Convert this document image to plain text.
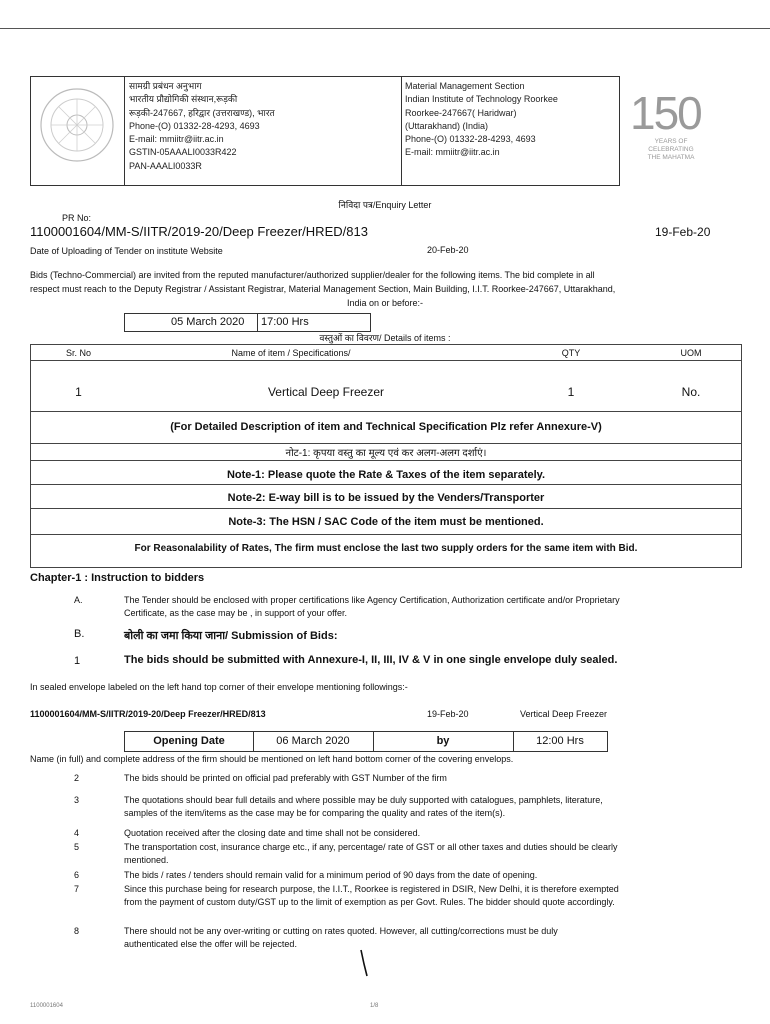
सामग्री प्रबंधन अनुभाग
भारतीय प्रौद्योगिकी संस्थान,रूड़की
रूड़की-247667, हरिद्वार (उत्तराखण्ड), भारत
Phone-(O) 01332-28-4293, 4693
E-mail: mmiitr@iitr.ac.in
GSTIN-05AAALI0033R422
PAN-AAALI0033R
Material Management Section
Indian Institute of Technology Roorkee
Roorkee-247667( Haridwar)
(Uttarakhand) (India)
Phone-(O) 01332-28-4293, 4693
E-mail: mmiitr@iitr.ac.in
150
YEARS OF
CELEBRATING
THE MAHATMA
निविदा पत्र/Enquiry Letter
PR No:
1100001604/MM-S/IITR/2019-20/Deep Freezer/HRED/813	19-Feb-20
Date of Uploading of Tender on institute Website	20-Feb-20
Bids (Techno-Commercial) are invited from the reputed manufacturer/authorized supplier/dealer for the following items. The bid complete in all
respect must reach to the Deputy Registrar / Assistant Registrar, Material Management Section, Main Building, I.I.T. Roorkee-247667, Uttarakhand,
India on or before:-
05 March 2020 17:00 Hrs
वस्तुओं का विवरण/ Details of items :
Sr. No	Name of item / Specifications/	QTY	UOM
1	Vertical Deep Freezer	1	No.
(For Detailed Description of item and Technical Specification Plz refer Annexure-V)
नोट-1: कृपया वस्तु का मूल्य एवं कर अलग-अलग दर्शाएं।
Note-1: Please quote the Rate & Taxes of the item separately.
Note-2: E-way bill is to be issued by the Venders/Transporter
Note-3: The HSN / SAC Code of the item must be mentioned.
For Reasonalability of Rates, The firm must enclose the last two supply orders for the same item with Bid.
Chapter-1 : Instruction to bidders
A.	The Tender should be enclosed with proper certifications like Agency Certification, Authorization certificate and/or Proprietary
Certificate, as the case may be , in support of your offer.
B.	बोली का जमा किया जाना/ Submission of Bids:
1	The bids should be submitted with Annexure-I, II, III, IV & V in one single envelope duly sealed.
In sealed envelope labeled on the left hand top corner of their envelope mentioning followings:-
1100001604/MM-S/IITR/2019-20/Deep Freezer/HRED/813	19-Feb-20	Vertical Deep Freezer
Opening Date	06 March 2020	by	12:00 Hrs
Name (in full) and complete address of the firm should be mentioned on left hand bottom corner of the covering envelops.
2	The bids should be printed on official pad preferably with GST Number of the firm
3	The quotations should bear full details and where possible may be duly supported with catalogues, pamphlets, literature,
samples of the item/items as the case may be for comparing the quality and rates of the item(s).
4	Quotation received after the closing date and time shall not be considered.
5	The transportation cost, insurance charge etc., if any, percentage/ rate of GST or all other taxes and duties should be clearly
mentioned.
6	The bids / rates / tenders should remain valid for a minimum period of 90 days from the date of opening.
7	Since this purchase being for research purpose, the I.I.T., Roorkee is registered in DSIR, New Delhi, it is therefore exempted
from the payment of custom duty/GST up to the limit of exemption as per Govt. Rules. The bidder should quote accordingly.
8	There should not be any over-writing or cutting on rates quoted. However, all cutting/corrections must be duly
authenticated else the offer will be rejected.
1100001604	1/8
